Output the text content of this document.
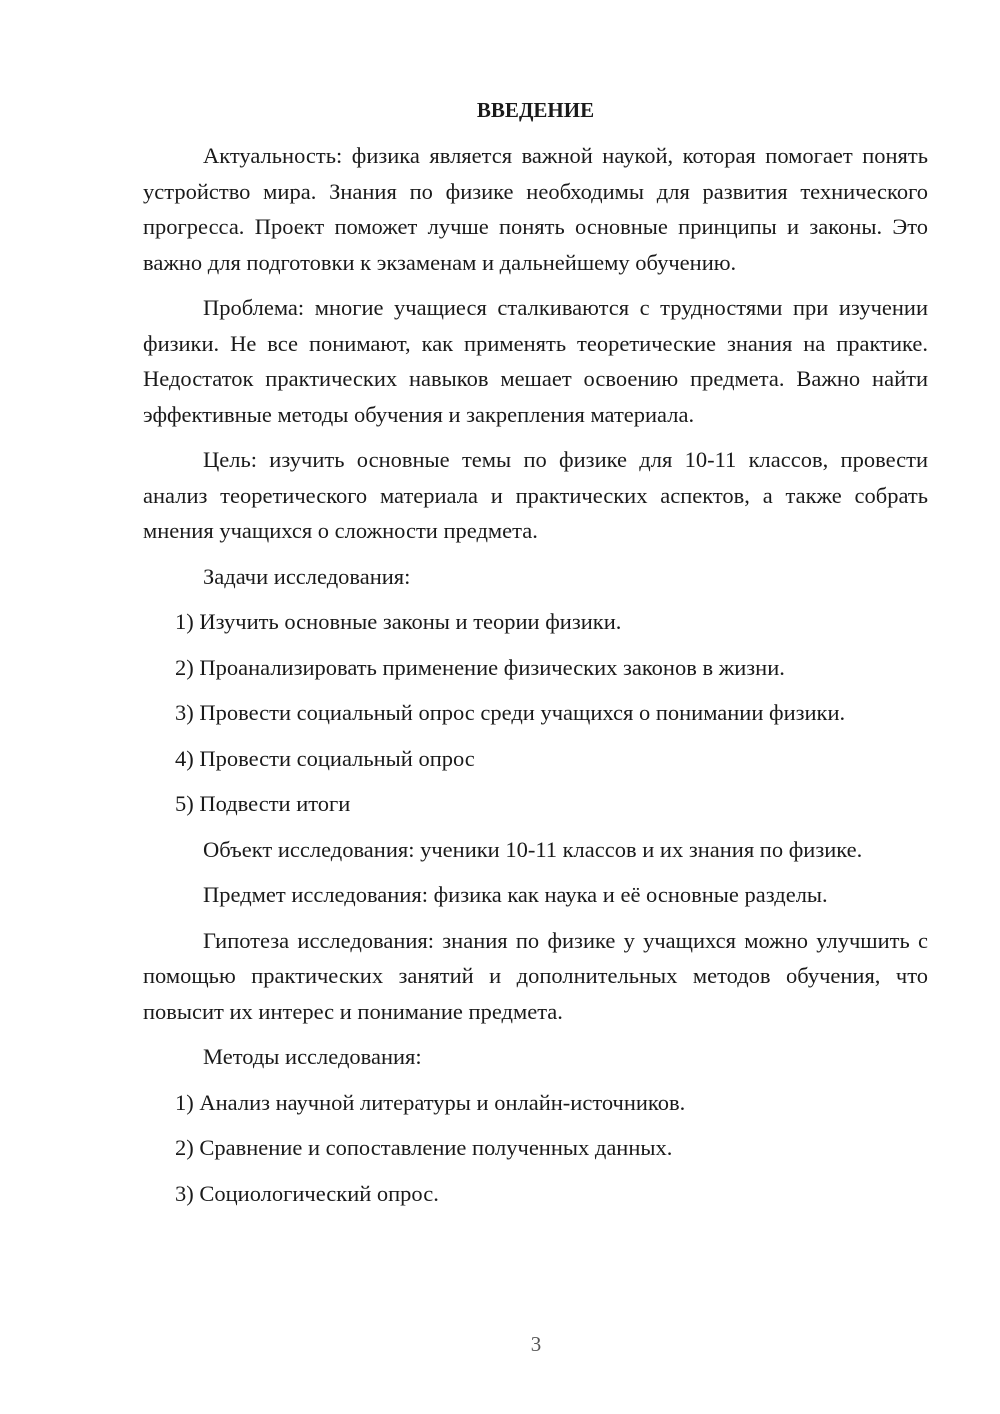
ВВЕДЕНИЕ

Актуальность: физика является важной наукой, которая помогает понять устройство мира. Знания по физике необходимы для развития технического прогресса. Проект поможет лучше понять основные принципы и законы. Это важно для подготовки к экзаменам и дальнейшему обучению.

Проблема: многие учащиеся сталкиваются с трудностями при изучении физики. Не все понимают, как применять теоретические знания на практике. Недостаток практических навыков мешает освоению предмета. Важно найти эффективные методы обучения и закрепления материала.

Цель: изучить основные темы по физике для 10-11 классов, провести анализ теоретического материала и практических аспектов, а также собрать мнения учащихся о сложности предмета.

Задачи исследования:

1) Изучить основные законы и теории физики.

2) Проанализировать применение физических законов в жизни.

3) Провести социальный опрос среди учащихся о понимании физики.

4) Провести социальный опрос

5) Подвести итоги

Объект исследования: ученики 10-11 классов и их знания по физике.

Предмет исследования: физика как наука и её основные разделы.

Гипотеза исследования: знания по физике у учащихся можно улучшить с помощью практических занятий и дополнительных методов обучения, что повысит их интерес и понимание предмета.

Методы исследования:

1) Анализ научной литературы и онлайн-источников.

2) Сравнение и сопоставление полученных данных.

3) Социологический опрос.

3
